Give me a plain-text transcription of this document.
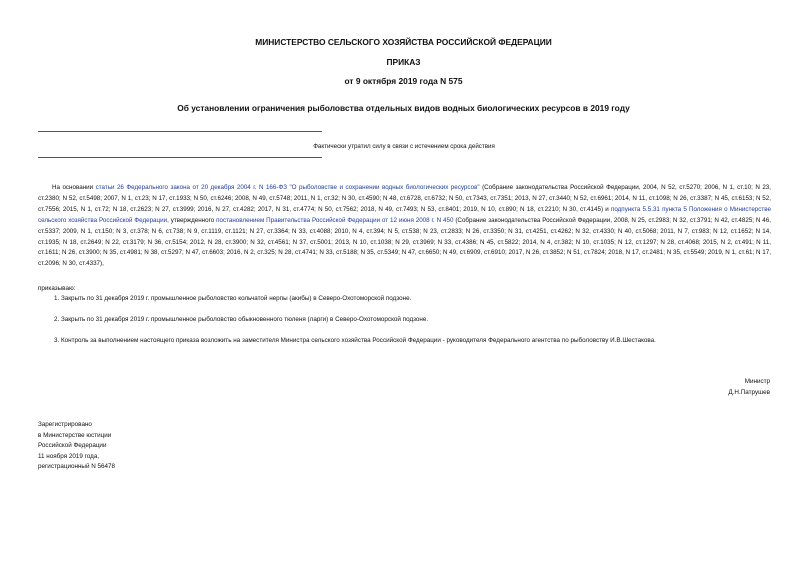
МИНИСТЕРСТВО СЕЛЬСКОГО ХОЗЯЙСТВА РОССИЙСКОЙ ФЕДЕРАЦИИ
ПРИКАЗ
от 9 октября 2019 года N 575
Об установлении ограничения рыболовства отдельных видов водных биологических ресурсов в 2019 году
Фактически утратил силу в связи с истечением срока действия
На основании статьи 26 Федерального закона от 20 декабря 2004 г. N 166-ФЗ "О рыболовстве и сохранении водных биологических ресурсов" (Собрание законодательства Российской Федерации, 2004, N 52, ст.5270; 2006, N 1, ст.10; N 23, ст.2380; N 52, ст.5498; 2007, N 1, ст.23; N 17, ст.1933; N 50, ст.6246; 2008, N 49, ст.5748; 2011, N 1, ст.32; N 30, ст.4590; N 48, ст.6728, ст.6732; N 50, ст.7343, ст.7351; 2013, N 27, ст.3440; N 52, ст.6961; 2014, N 11, ст.1098; N 26, ст.3387; N 45, ст.6153; N 52, ст.7556; 2015, N 1, ст.72; N 18, ст.2623; N 27, ст.3999; 2016, N 27, ст.4282; 2017, N 31, ст.4774; N 50, ст.7562; 2018, N 49, ст.7493; N 53, ст.8401; 2019, N 10, ст.890; N 18, ст.2210; N 30, ст.4145) и подпункта 5.5.31 пункта 5 Положения о Министерстве сельского хозяйства Российской Федерации, утвержденного постановлением Правительства Российской Федерации от 12 июня 2008 г. N 450 (Собрание законодательства Российской Федерации, 2008, N 25, ст.2983; N 32, ст.3791; N 42, ст.4825; N 46, ст.5337; 2009, N 1, ст.150; N 3, ст.378; N 6, ст.738; N 9, ст.1119, ст.1121; N 27, ст.3364; N 33, ст.4088; 2010, N 4, ст.394; N 5, ст.538; N 23, ст.2833; N 26, ст.3350; N 31, ст.4251, ст.4262; N 32, ст.4330; N 40, ст.5068; 2011, N 7, ст.983; N 12, ст.1652; N 14, ст.1935; N 18, ст.2649; N 22, ст.3179; N 36, ст.5154; 2012, N 28, ст.3900; N 32, ст.4561; N 37, ст.5001; 2013, N 10, ст.1038; N 29, ст.3969; N 33, ст.4386; N 45, ст.5822; 2014, N 4, ст.382; N 10, ст.1035; N 12, ст.1297; N 28, ст.4068; 2015, N 2, ст.491; N 11, ст.1611; N 26, ст.3900; N 35, ст.4981; N 38, ст.5297; N 47, ст.6603; 2016, N 2, ст.325; N 28, ст.4741; N 33, ст.5188; N 35, ст.5349; N 47, ст.6650; N 49, ст.6909, ст.6910; 2017, N 26, ст.3852; N 51, ст.7824; 2018, N 17, ст.2481; N 35, ст.5549; 2019, N 1, ст.61; N 17, ст.2096; N 30, ст.4337),
приказываю:
1. Закрыть по 31 декабря 2019 г. промышленное рыболовство кольчатой нерпы (акибы) в Северо-Охотоморской подзоне.
2. Закрыть по 31 декабря 2019 г. промышленное рыболовство обыкновенного тюленя (ларги) в Северо-Охотоморской подзоне.
3. Контроль за выполнением настоящего приказа возложить на заместителя Министра сельского хозяйства Российской Федерации - руководителя Федерального агентства по рыболовству И.В.Шестакова.
Министр
Д.Н.Патрушев
Зарегистрировано
в Министерстве юстиции
Российской Федерации
11 ноября 2019 года,
регистрационный N 56478
